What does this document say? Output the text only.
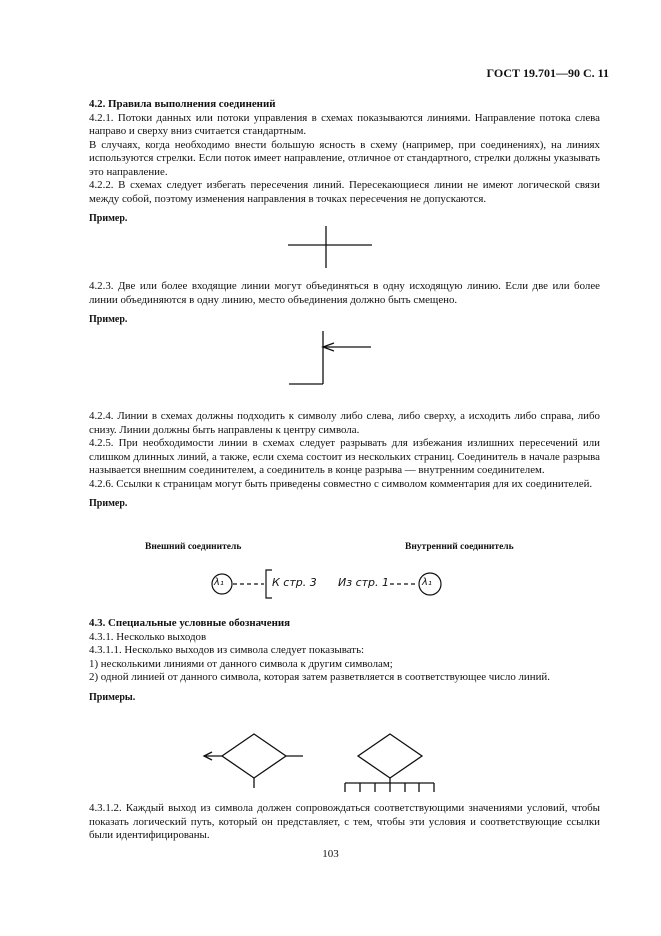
ГОСТ 19.701—90 С. 11

4.2. Правила выполнения соединений

4.2.1. Потоки данных или потоки управления в схемах показываются линиями. Направление потока слева направо и сверху вниз считается стандартным.

В случаях, когда необходимо внести большую ясность в схему (например, при соединениях), на линиях используются стрелки. Если поток имеет направление, отличное от стандартного, стрелки должны указывать это направление.

4.2.2. В схемах следует избегать пересечения линий. Пересекающиеся линии не имеют логической связи между собой, поэтому изменения направления в точках пересечения не допускаются.

Пример.

4.2.3. Две или более входящие линии могут объединяться в одну исходящую линию. Если две или более линии объединяются в одну линию, место объединения должно быть смещено.

Пример.

4.2.4. Линии в схемах должны подходить к символу либо слева, либо сверху, а исходить либо справа, либо снизу. Линии должны быть направлены к центру символа.

4.2.5. При необходимости линии в схемах следует разрывать для избежания излишних пересечений или слишком длинных линий, а также, если схема состоит из нескольких страниц. Соединитель в начале разрыва называется внешним соединителем, а соединитель в конце разрыва — внутренним соединителем.

4.2.6. Ссылки к страницам могут быть приведены совместно с символом комментария для их соединителей.

Пример.

Внешний соединитель	Внутренний соединитель
λ₁	К стр. 3 Из стр. 1	λ₁

4.3. Специальные условные обозначения

4.3.1. Несколько выходов

4.3.1.1. Несколько выходов из символа следует показывать:

1) несколькими линиями от данного символа к другим символам;

2) одной линией от данного символа, которая затем разветвляется в соответствующее число линий.

Примеры.

4.3.1.2. Каждый выход из символа должен сопровождаться соответствующими значениями условий, чтобы показать логический путь, который он представляет, с тем, чтобы эти условия и соответствующие ссылки были идентифицированы.

103
